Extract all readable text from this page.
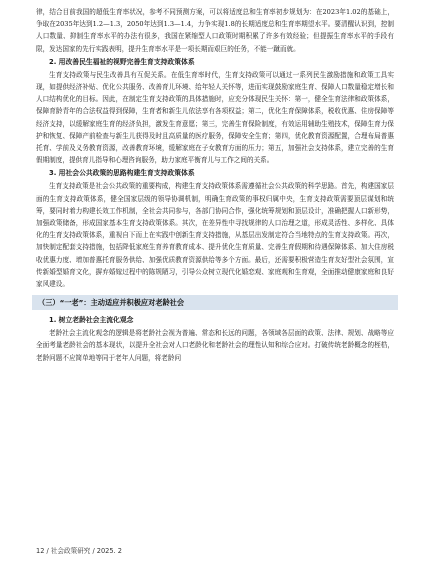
律，结合目前我国的超低生育率状况，参考不同预测方案，可以将适度总和生育率初步规划为：在2023年1.02的基础上，争取在2035年达到1.2—1.3，2050年达到1.3—1.4，力争实现1.8的长期适度总和生育率期望水平。要清醒认识到，控制人口数量、抑制生育率水平的办法有很多，我国在紧缩型人口政策时期积累了许多有效经验；但提振生育率水平的手段有限，发达国家的先行实践表明，提升生育率水平是一项长期而艰巨的任务，不能一蹴而就。

2. 用改善民生福祉的视野完善生育支持政策体系

生育支持政策与民生改善具有互促关系。在低生育率时代，生育支持政策可以通过一系列民生激励措施和政策工具实现，如提供经济补贴、优化公共服务、改善育儿环境、给年轻人关怀等，进而实现鼓励家庭生育、保障人口数量稳定增长和人口结构优化的目标。因此，在制定生育支持政策的具体措施时，应充分体现民生关怀：第一，健全生育法律和政策体系，保障育龄青年的合法权益得到保障，生育者和新生儿依法享有各项权益；第二，优化生育保障体系，税收优惠、住房保障等经济支持，以缓解家庭生育的经济负担，激发生育意愿；第三，完善生育保险制度，有效运用辅助生殖技术，保障生育力保护和恢复、保障产前检查与新生儿获得及时且高质量的医疗服务，保障安全生育；第四，优化教育资源配置，合理布局普惠托育、学前及义务教育资源，改善教育环境，缓解家庭在子女教育方面的压力；第五，加强社会支持体系，建立完善的生育假期制度，提供育儿指导和心理咨询服务，助力家庭平衡育儿与工作之间的关系。

3. 用社会公共政策的思路构建生育支持政策体系

生育支持政策是社会公共政策的重要构成，构建生育支持政策体系需遵循社会公共政策的科学思路。首先，构建国家层面的生育支持政策体系，健全国家层级的领导协调机制，明确生育政策的事权归属中央，生育支持政策需要顶层谋划和统筹，要同时着力构建长效工作机制，全社会共同参与，各部门协同合作，强化统筹规划和顶层设计，准确把握人口新形势，加强政策储备，形成国家基本生育支持政策体系。其次，在差异性中寻找规律的人口治理之道，形成灵活性、多样化、具体化的生育支持政策体系，重视自下而上在实践中创新生育支持措施，从基层出发制定符合当地特点的生育支持政策。再次，加快制定配套支持措施，包括降低家庭生育养育教育成本、提升优化生育质量、完善生育假期和待遇保障体系、加大住房税收优惠力度、增加普惠托育服务供给、加强优质教育资源供给等多个方面。最后，还需要积极营造生育友好型社会氛围，宣传新婚型婚育文化，摒弃婚嫁过程中的陈规陋习，引导公众树立现代化婚恋观、家庭观和生育观，全面推动健康家庭和良好家风建设。

（三）“一老”：主动适应并积极应对老龄社会
1. 树立老龄社会主流化观念

老龄社会主流化观念的逻辑是将老龄社会视为普遍、常态和长远的问题，各领域各层面的政策、法律、规划、战略等应全面考量老龄社会的基本现状，以提升全社会对人口老龄化和老龄社会的理性认知和综合应对。打破传统老龄概念的桎梏，老龄问题不应简单地等同于老年人问题，将老龄问

12 / 社会政策研究 / 2025. 2
